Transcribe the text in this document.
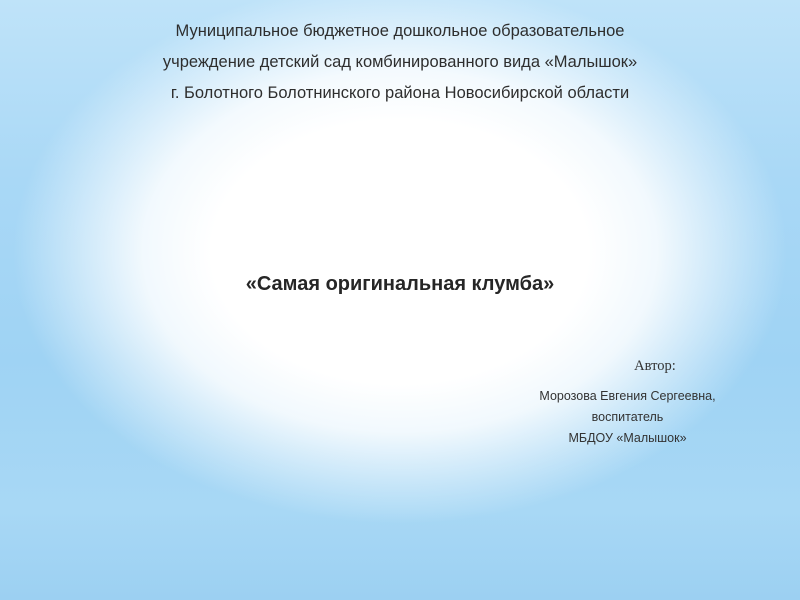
Муниципальное бюджетное дошкольное образовательное
учреждение детский сад комбинированного вида «Малышок»
г. Болотного Болотнинского района Новосибирской области
«Самая оригинальная клумба»
Автор:
Морозова Евгения Сергеевна,
воспитатель
МБДОУ «Малышок»
